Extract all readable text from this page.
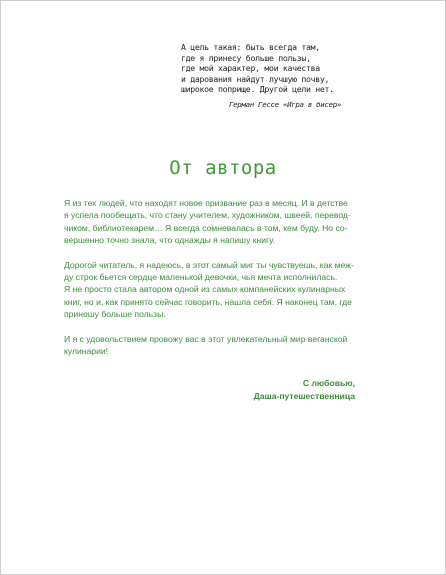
А цель такая: быть всегда там,
где я принесу больше пользы,
где мой характер, мои качества
и дарования найдут лучшую почву,
широкое поприще. Другой цели нет.
Герман Гессе «Игра в бисер»
От автора
Я из тех людей, что находят новое призвание раз в месяц. И в детстве
я успела пообещать, что стану учителем, художником, швеей, перевод-
чиком, библиотекарем… Я всегда сомневалась в том, кем буду. Но со-
вершенно точно знала, что однажды я напишу книгу.
Дорогой читатель, я надеюсь, в этот самый миг ты чувствуешь, как меж-
ду строк бьется сердце маленькой девочки, чья мечта исполнилась.
Я не просто стала автором одной из самых компанейских кулинарных
книг, но и, как принято сейчас говорить, нашла себя. Я наконец там, где
приношу больше пользы.
И я с удовольствием провожу вас в этот увлекательный мир веганской
кулинарии!
С любовью,
Даша-путешественница
